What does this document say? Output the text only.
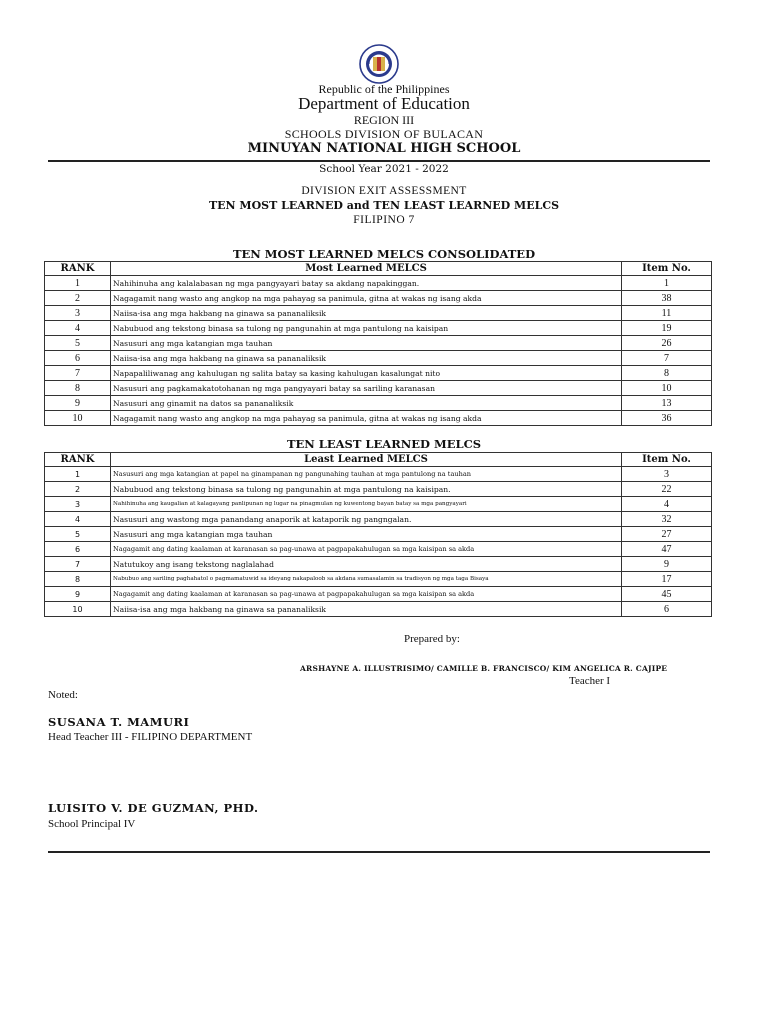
Republic of the Philippines
Department of Education
REGION III
SCHOOLS DIVISION OF BULACAN
MINUYAN NATIONAL HIGH SCHOOL
School Year 2021 - 2022
DIVISION EXIT ASSESSMENT
TEN MOST LEARNED and TEN LEAST LEARNED MELCS
FILIPINO 7
TEN MOST LEARNED MELCS CONSOLIDATED
RANK	Most Learned MELCS	Item No.
1	Nahihinuha ang kalalabasan ng mga pangyayari batay sa akdang napakinggan.	1
2	Nagagamit nang wasto ang angkop na mga pahayag sa panimula, gitna at wakas ng isang akda	38
3	Naiisa-isa ang mga hakbang na ginawa sa pananaliksik	11
4	Nabubuod ang tekstong binasa sa tulong ng pangunahin at mga pantulong na kaisipan	19
5	Nasusuri ang mga katangian mga tauhan	26
6	Naiisa-isa ang mga hakbang na ginawa sa pananaliksik	7
7	Napapaliliwanag ang kahulugan ng salita batay sa kasing kahulugan kasalungat nito	8
8	Nasusuri ang pagkamakatotohanan ng mga pangyayari batay sa sariling karanasan	10
9	Nasusuri ang ginamit na datos sa pananaliksik	13
10	Nagagamit nang wasto ang angkop na mga pahayag sa panimula, gitna at wakas ng isang akda	36
TEN LEAST LEARNED MELCS
RANK	Least Learned MELCS	Item No.
1	Nasusuri ang mga katangian at papel na ginampanan ng pangunahing tauhan at mga pantulong na tauhan	3
2	Nabubuod ang tekstong binasa sa tulong ng pangunahin at mga pantulong na kaisipan.	22
3	Nahihinuha ang kaugalian at kalagayang panlipunan ng lugar na pinagmulan ng kuwentong bayan batay sa mga pangyayari	4
4	Nasusuri ang wastong mga panandang anaporik at kataporik ng pangngalan.	32
5	Nasusuri ang mga katangian mga tauhan	27
6	Nagagamit ang dating kaalaman at karanasan sa pag-unawa at pagpapakahulugan sa mga kaisipan sa akda	47
7	Natutukoy ang isang tekstong naglalahad	9
8	Nabubuo ang sariling paghahatol o pagmamatuwid sa ideyang nakapaloob sa akdana sumasalamin sa tradisyon ng mga taga Bisaya	17
9	Nagagamit ang dating kaalaman at karanasan sa pag-unawa at pagpapakahulugan sa mga kaisipan sa akda	45
10	Naiisa-isa ang mga hakbang na ginawa sa pananaliksik	6
Prepared by:
ARSHAYNE A. ILLUSTRISIMO/ CAMILLE B. FRANCISCO/ KIM ANGELICA R. CAJIPE
Teacher I
Noted:
SUSANA T. MAMURI
Head Teacher III - FILIPINO DEPARTMENT
LUISITO V. DE GUZMAN, PHD.
School Principal IV
